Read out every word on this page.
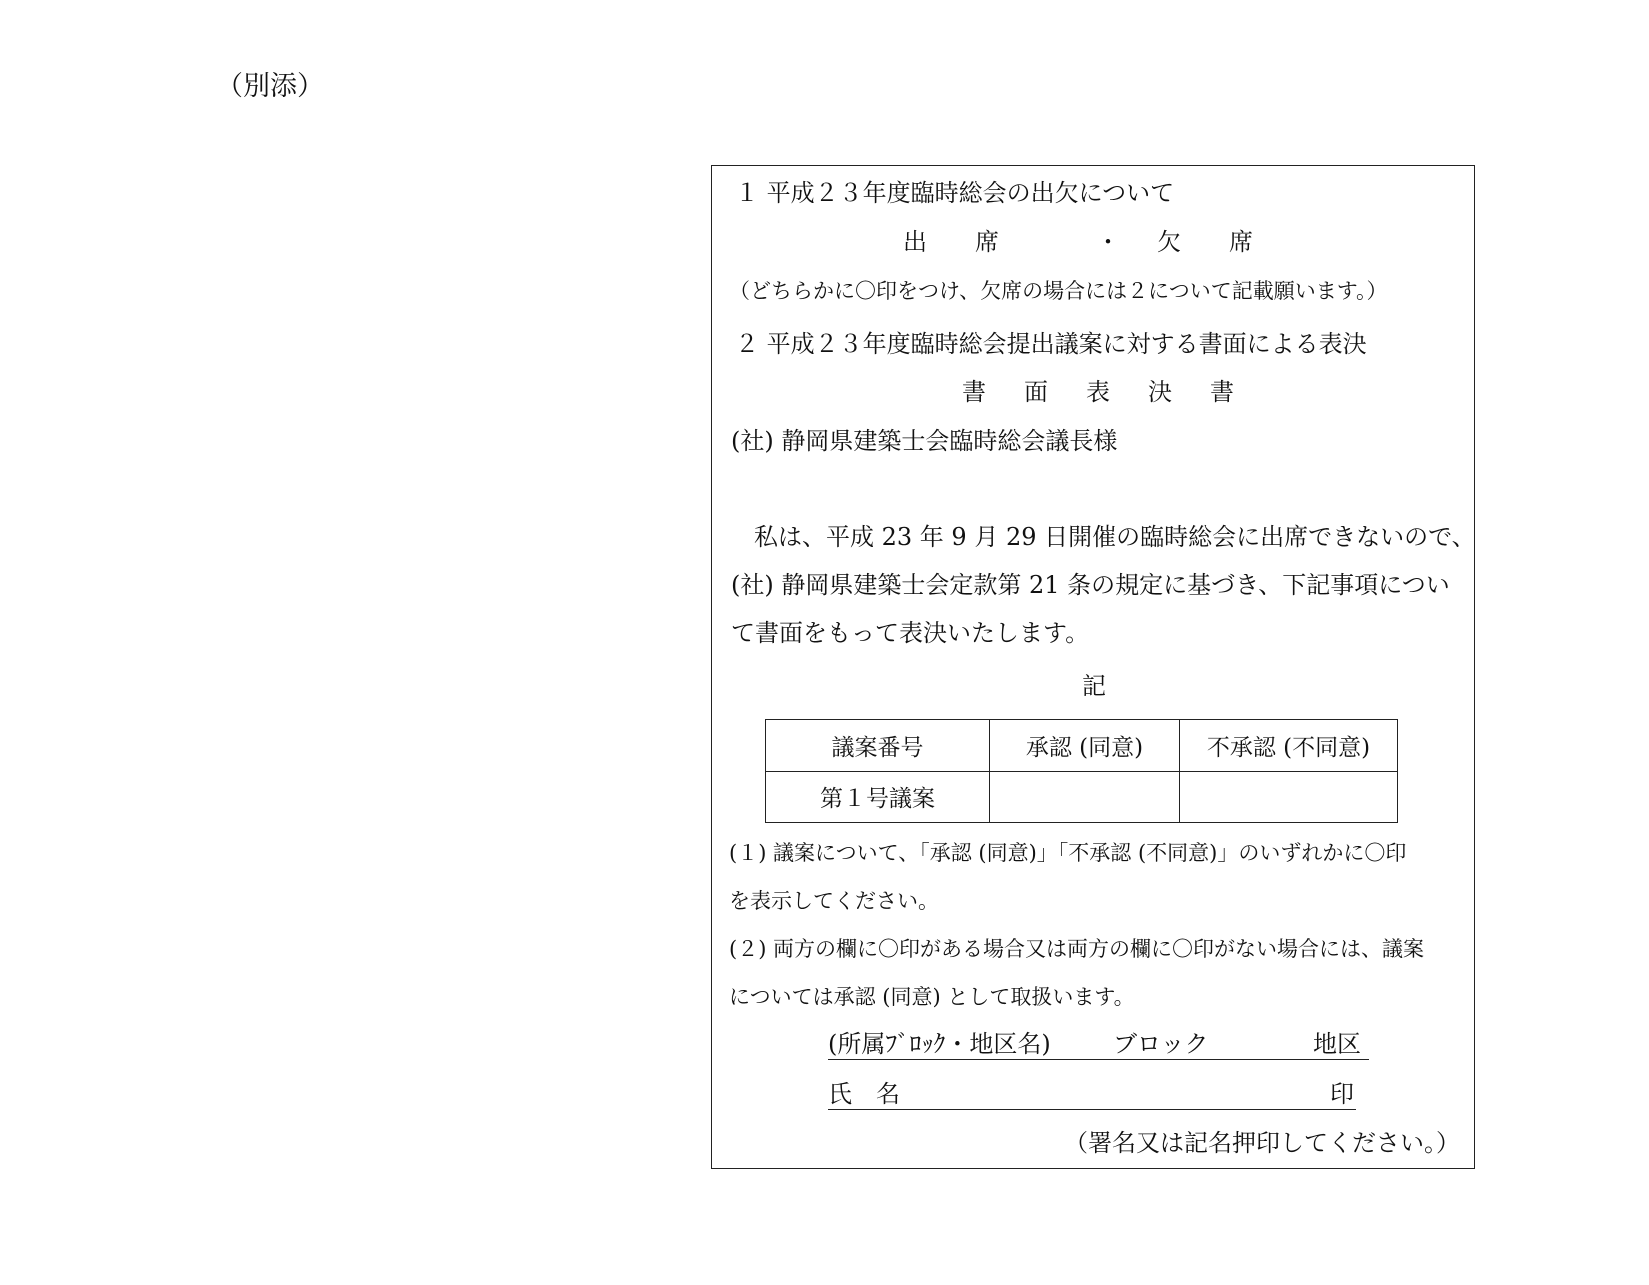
（別添）
１ 平成２３年度臨時総会の出欠について
出　　席	・ 欠　　席
（どちらかに〇印をつけ、欠席の場合には２について記載願います。）
２ 平成２３年度臨時総会提出議案に対する書面による表決
書 面 表 決 書
(社) 静岡県建築士会臨時総会議長様
私は、平成 23 年 9 月 29 日開催の臨時総会に出席できないので、
(社) 静岡県建築士会定款第 21 条の規定に基づき、下記事項につい
て書面をもって表決いたします。
記
議案番号	承認 (同意)	不承認 (不同意)
第１号議案		
(１) 議案について、「承認 (同意)」「不承認 (不同意)」のいずれかに〇印
を表示してください。
(２) 両方の欄に〇印がある場合又は両方の欄に〇印がない場合には、議案
については承認 (同意) として取扱います。
(所属ﾌﾞﾛｯｸ・地区名)	ブロック	地区
氏　名	印
（署名又は記名押印してください。）
